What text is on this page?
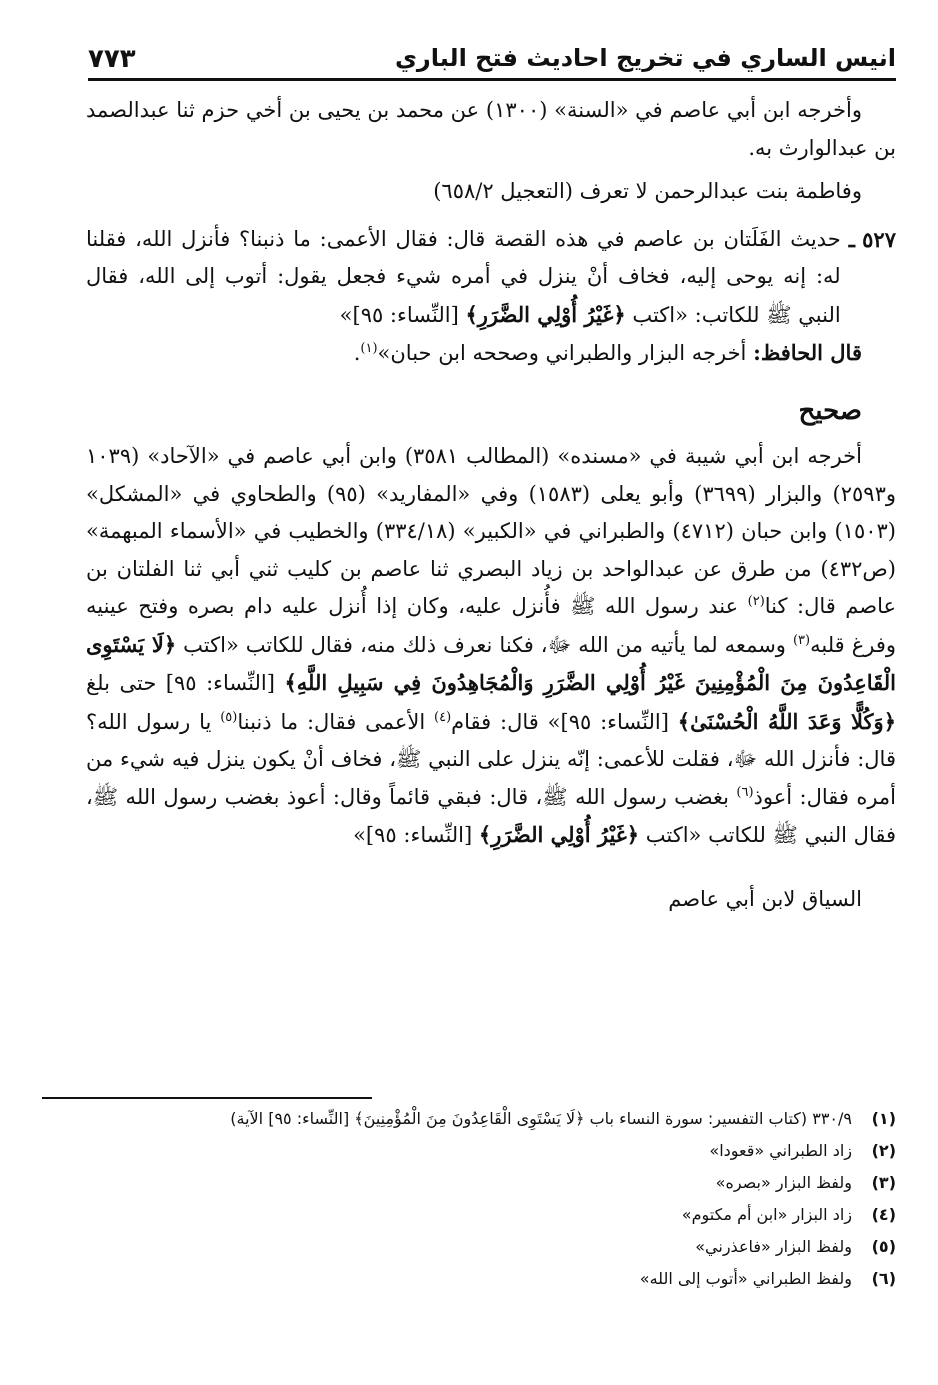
انيس الساري في تخريج احاديث فتح الباري
٧٧٣

وأخرجه ابن أبي عاصم في «السنة» (١٣٠٠) عن محمد بن يحيى بن أخي حزم ثنا عبدالصمد بن عبدالوارث به.

وفاطمة بنت عبدالرحمن لا تعرف (التعجيل ٦٥٨/٢)

٥٢٧ ـ
حديث الفَلَتان بن عاصم في هذه القصة قال: فقال الأعمى: ما ذنبنا؟ فأنزل الله، فقلنا له: إنه يوحى إليه، فخاف أنْ ينزل في أمره شيء فجعل يقول: أتوب إلى الله، فقال النبي ﷺ للكاتب: «اكتب ﴿غَيْرُ أُوْلِي الضَّرَرِ﴾ [النِّساء: ٩٥]»

قال الحافظ: أخرجه البزار والطبراني وصححه ابن حبان»$^{(١)}$.

صحيح

أخرجه ابن أبي شيبة في «مسنده» (المطالب ٣٥٨١) وابن أبي عاصم في «الآحاد» (١٠٣٩ و٢٥٩٣) والبزار (٣٦٩٩) وأبو يعلى (١٥٨٣) وفي «المفاريد» (٩٥) والطحاوي في «المشكل» (١٥٠٣) وابن حبان (٤٧١٢) والطبراني في «الكبير» (٣٣٤/١٨) والخطيب في «الأسماء المبهمة» (ص٤٣٢) من طرق عن عبدالواحد بن زياد البصري ثنا عاصم بن كليب ثني أبي ثنا الفلتان بن عاصم قال: كنا$^{(٢)}$ عند رسول الله ﷺ فأُنزل عليه، وكان إذا أُنزل عليه دام بصره وفتح عينيه وفرغ قلبه$^{(٣)}$ وسمعه لما يأتيه من الله ﷻ، فكنا نعرف ذلك منه، فقال للكاتب «اكتب ﴿لَا يَسْتَوِى الْقَاعِدُونَ مِنَ الْمُؤْمِنِينَ غَيْرُ أُوْلِي الضَّرَرِ وَالْمُجَاهِدُونَ فِي سَبِيلِ اللَّهِ﴾ [النِّساء: ٩٥] حتى بلغ ﴿وَكُلًّا وَعَدَ اللَّهُ الْحُسْنَىٰ﴾ [النِّساء: ٩٥]» قال: فقام$^{(٤)}$ الأعمى فقال: ما ذنبنا$^{(٥)}$ يا رسول الله؟ قال: فأنزل الله ﷻ، فقلت للأعمى: إنّه ينزل على النبي ﷺ، فخاف أنْ يكون ينزل فيه شيء من أمره فقال: أعوذ$^{(٦)}$ بغضب رسول الله ﷺ، قال: فبقي قائماً وقال: أعوذ بغضب رسول الله ﷺ، فقال النبي ﷺ للكاتب «اكتب ﴿غَيْرُ أُوْلِي الضَّرَرِ﴾ [النِّساء: ٩٥]»

السياق لابن أبي عاصم

(١)
٣٣٠/٩ (كتاب التفسير: سورة النساء باب ﴿لَا يَسْتَوِى الْقَاعِدُونَ مِنَ الْمُؤْمِنِينَ﴾ [النِّساء: ٩٥] الآية)
(٢)
زاد الطبراني «قعودا»
(٣)
ولفظ البزار «بصره»
(٤)
زاد البزار «ابن أم مكتوم»
(٥)
ولفظ البزار «فاعذرني»
(٦)
ولفظ الطبراني «أتوب إلى الله»
